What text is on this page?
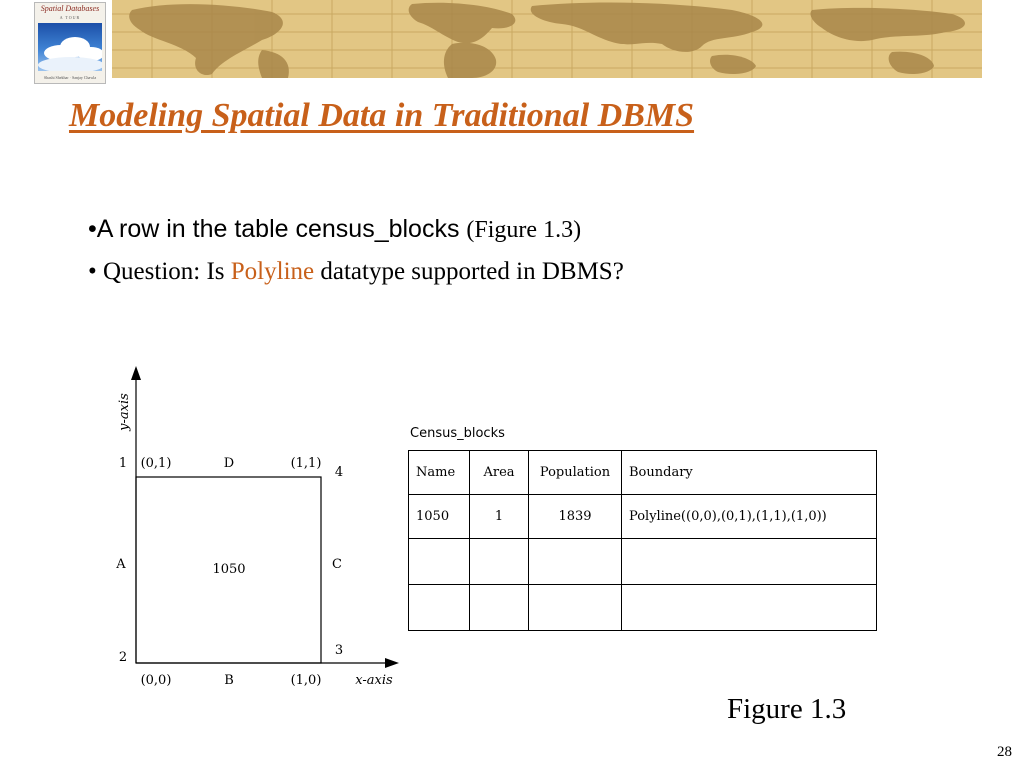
Spatial Databases
A TOUR
Shashi Shekhar · Sanjay Chawla
Modeling Spatial Data in Traditional DBMS
•A row in the table census_blocks (Figure 1.3)
• Question: Is Polyline datatype supported in DBMS?
y-axis
x-axis
(0,1)	(1,1)
(0,0)	(1,0)
D
A	C
B
1050
1
4
2	3
Census_blocks
Name	Area	Population	Boundary
1050	1	1839	Polyline((0,0),(0,1),(1,1),(1,0))

Figure 1.3
28
